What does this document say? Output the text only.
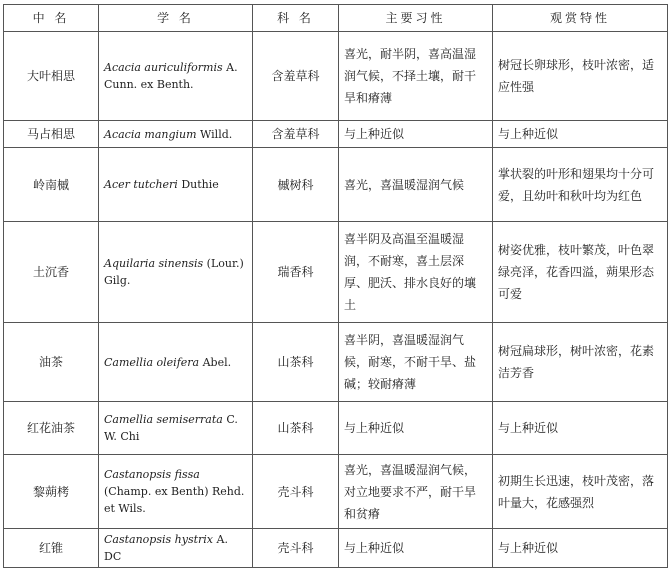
中 名	学 名	科 名	主要习性	观赏特性
大叶相思	Acacia auriculiformis A. Cunn. ex Benth.	含羞草科	喜光，耐半阴，喜高温湿润气候，不择土壤，耐干旱和瘠薄	树冠长卵球形，枝叶浓密，适应性强
马占相思	Acacia mangium Willd.	含羞草科	与上种近似	与上种近似
岭南槭	Acer tutcheri Duthie	槭树科	喜光，喜温暖湿润气候	掌状裂的叶形和翅果均十分可爱，且幼叶和秋叶均为红色
土沉香	Aquilaria sinensis (Lour.) Gilg.	瑞香科	喜半阴及高温至温暖湿润，不耐寒，喜土层深厚、肥沃、排水良好的壤土	树姿优雅，枝叶繁茂，叶色翠绿亮泽，花香四溢，蒴果形态可爱
油茶	Camellia oleifera Abel.	山茶科	喜半阴，喜温暖湿润气候，耐寒，不耐干旱、盐碱；较耐瘠薄	树冠扁球形，树叶浓密，花素洁芳香
红花油茶	Camellia semiserrata C. W. Chi	山茶科	与上种近似	与上种近似
黎蒴栲	Castanopsis fissa (Champ. ex Benth) Rehd. et Wils.	壳斗科	喜光，喜温暖湿润气候，对立地要求不严，耐干旱和贫瘠	初期生长迅速，枝叶茂密，落叶量大，花感强烈
红锥	Castanopsis hystrix A. DC	壳斗科	与上种近似	与上种近似
